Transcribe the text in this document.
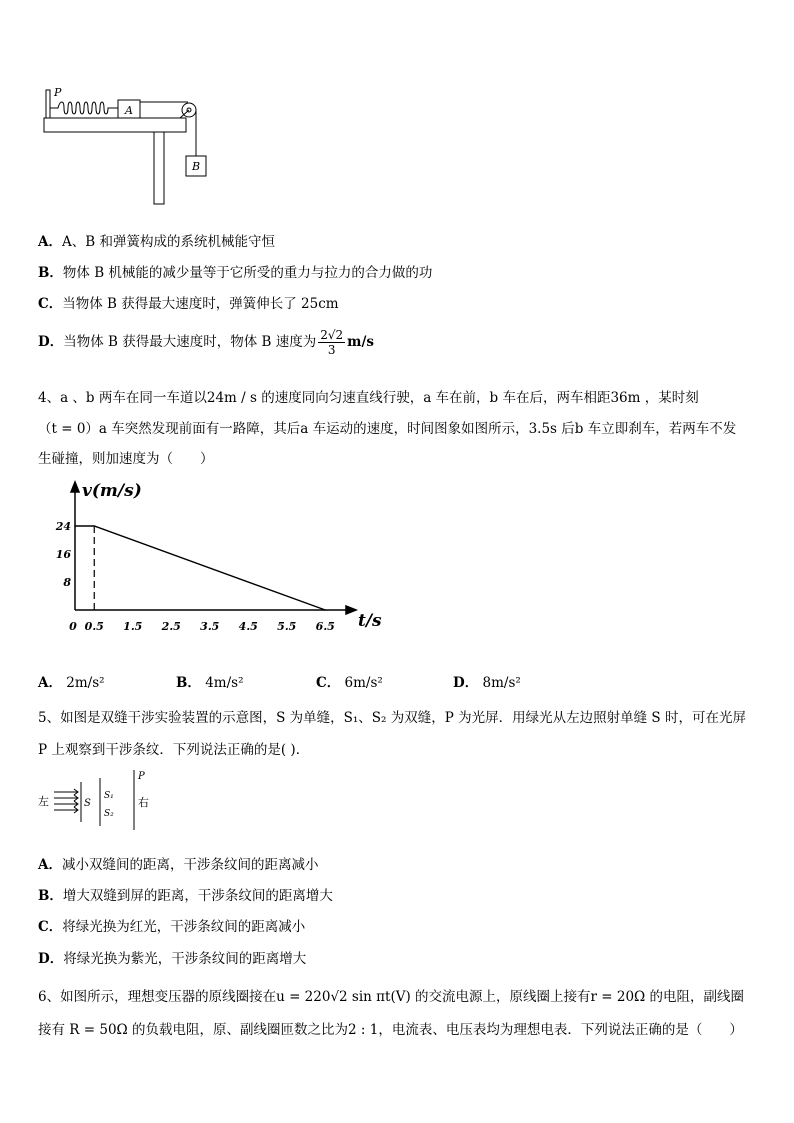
P
A
B
A．A、B 和弹簧构成的系统机械能守恒
B．物体 B 机械能的减少量等于它所受的重力与拉力的合力做的功
C．当物体 B 获得最大速度时，弹簧伸长了 25cm
D．当物体 B 获得最大速度时，物体 B 速度为 $\frac{2√2}{3} m/s$
4、a 、b 两车在同一车道以24m / s 的速度同向匀速直线行驶，a 车在前，b 车在后，两车相距36m ，某时刻
（t = 0）a 车突然发现前面有一路障，其后a 车运动的速度，时间图象如图所示，3.5s 后b 车立即刹车，若两车不发
生碰撞，则加速度为（　　）
v(m/s)
t/s
8
16
24
0 0.5 1.5 2.5 3.5 4.5 5.5 6.5
A． 2m/s²	B． 4m/s²	C． 6m/s²	D． 8m/s²
5、如图是双缝干涉实验装置的示意图，S 为单缝，S₁、S₂ 为双缝，P 为光屏．用绿光从左边照射单缝 S 时，可在光屏
P 上观察到干涉条纹．下列说法正确的是( )．
左	S
S₁
S₂
P
右
A．减小双缝间的距离，干涉条纹间的距离减小
B．增大双缝到屏的距离，干涉条纹间的距离增大
C．将绿光换为红光，干涉条纹间的距离减小
D．将绿光换为紫光，干涉条纹间的距离增大
6、如图所示，理想变压器的原线圈接在u = 220√2 sin πt(V) 的交流电源上，原线圈上接有r = 20Ω 的电阻，副线圈
接有 R = 50Ω 的负载电阻，原、副线圈匝数之比为2 : 1，电流表、电压表均为理想电表．下列说法正确的是（　　）
